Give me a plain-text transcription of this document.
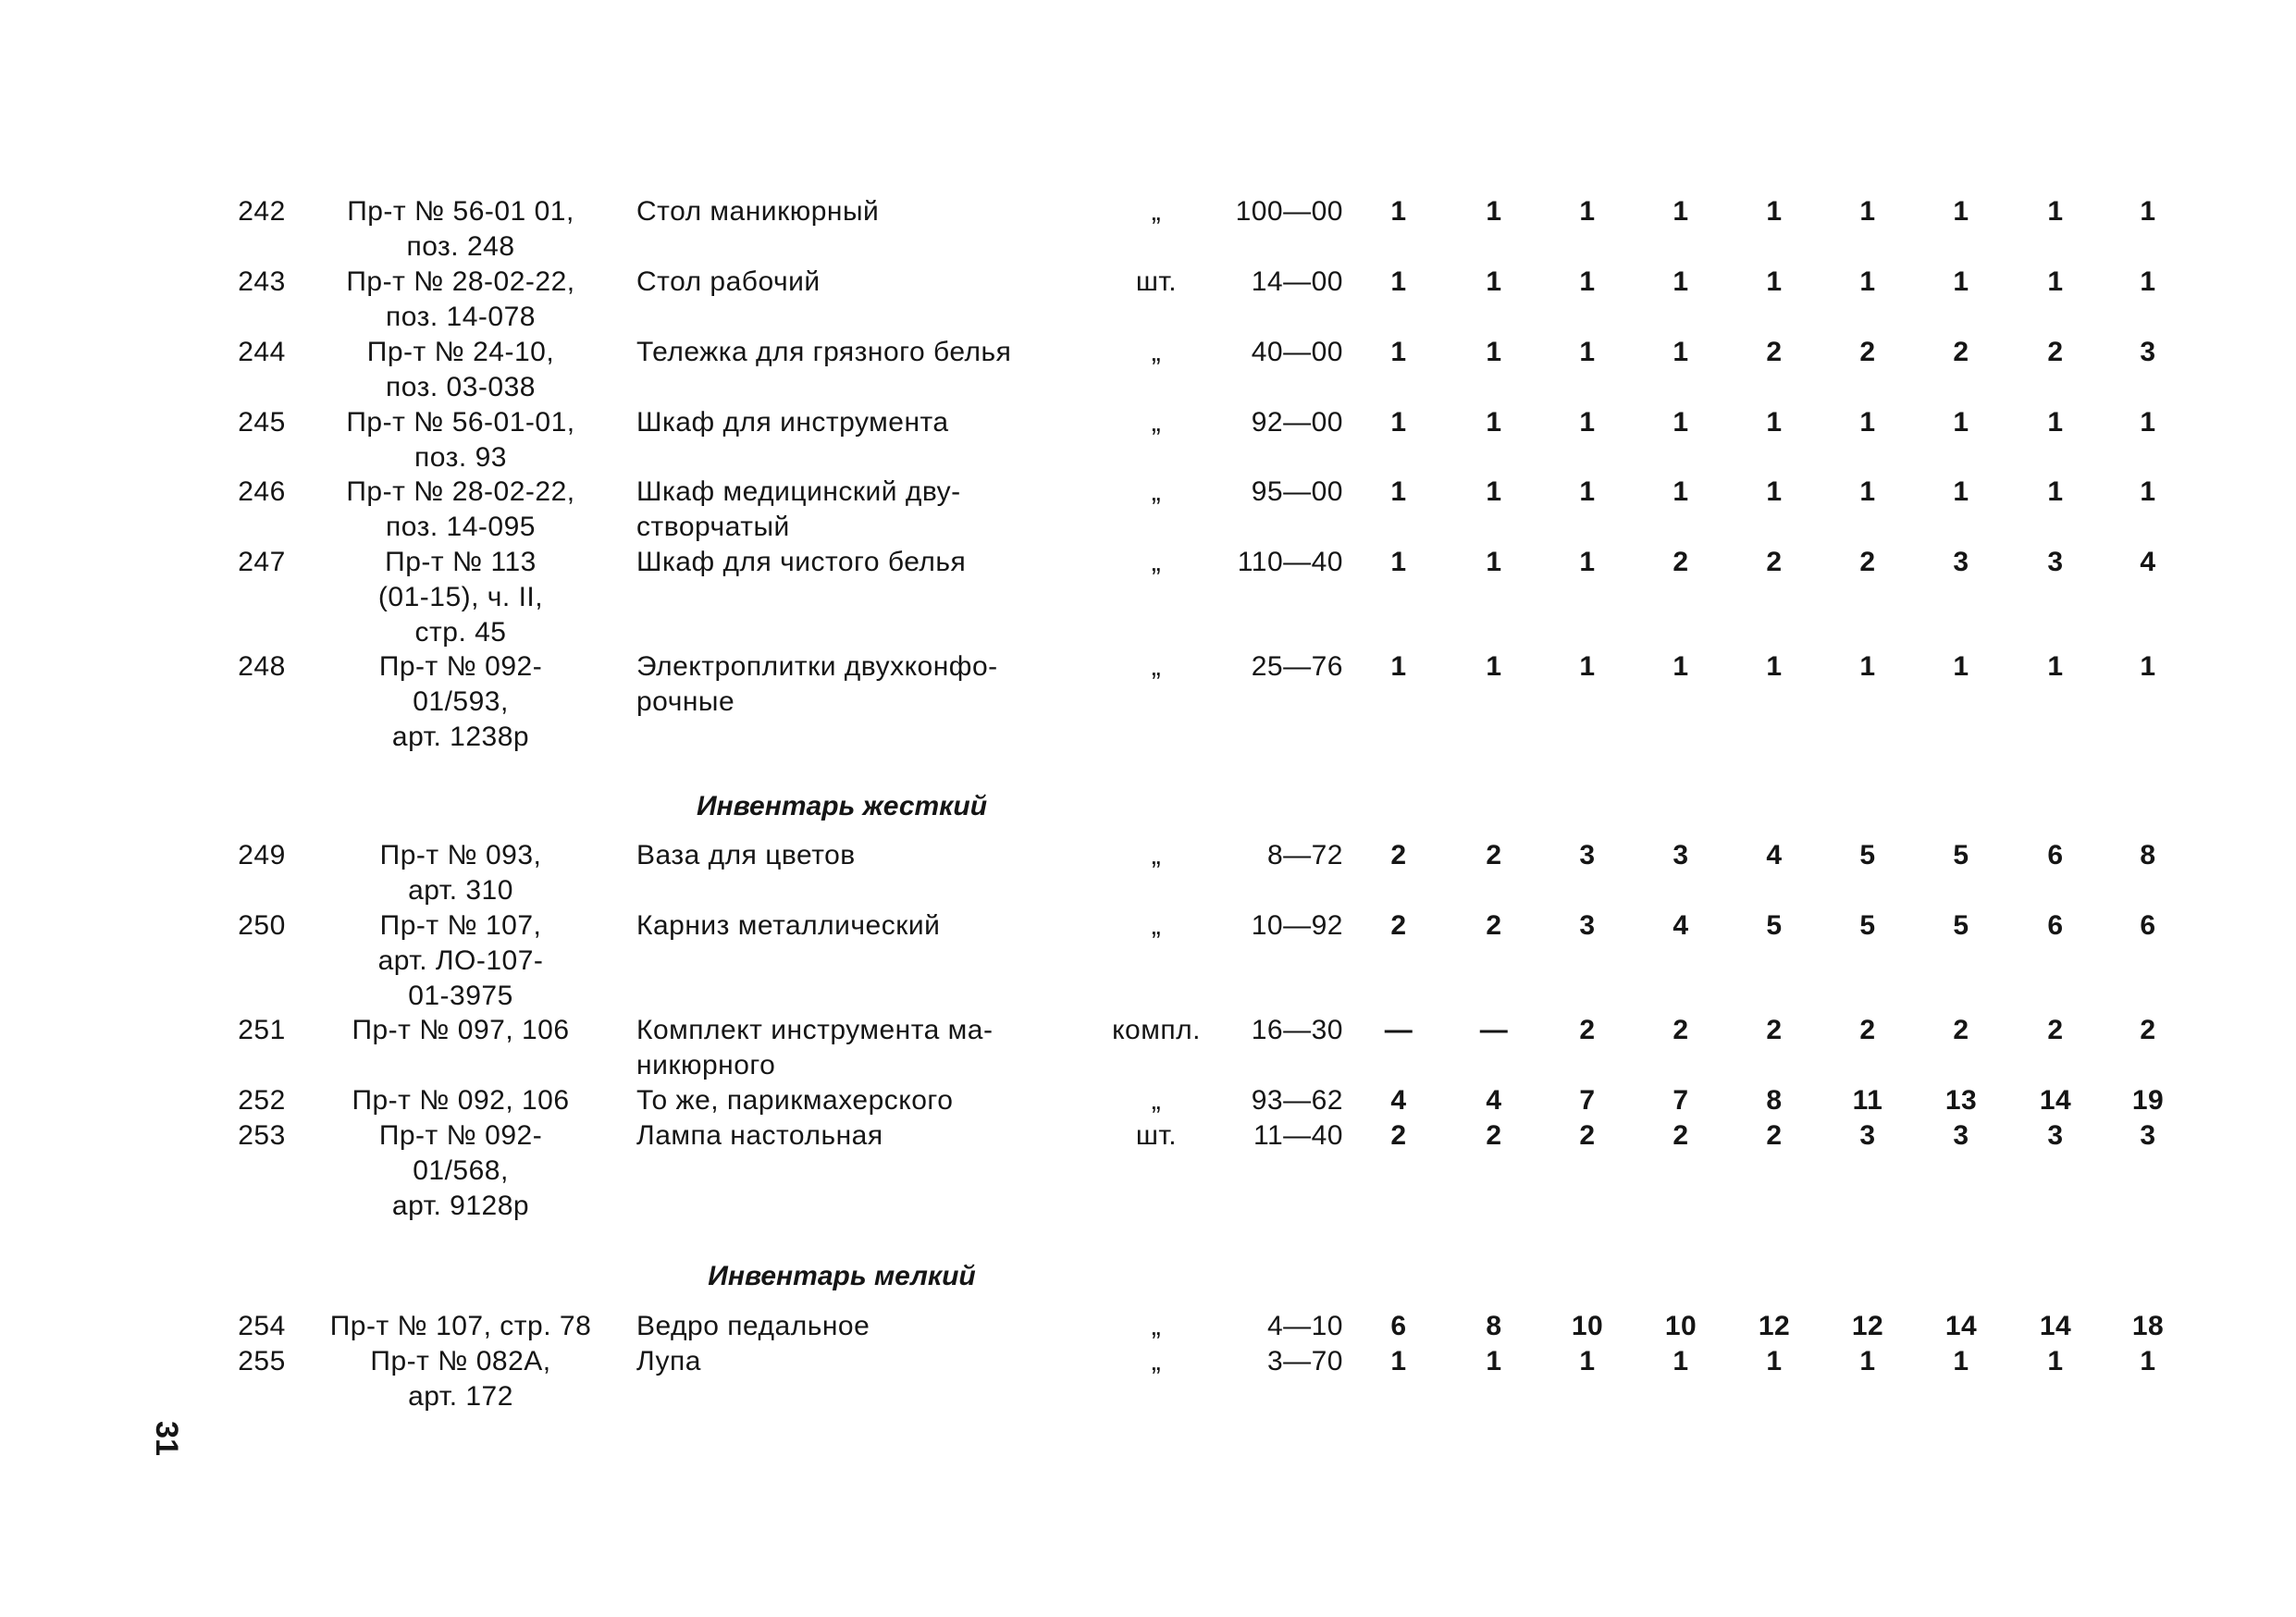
242	Пр-т № 56-01 01,
поз. 248
Стол маникюрный	„	100—00	1	1	1	1	1	1	1	1	1
243	Пр-т № 28-02-22,
поз. 14-078
Стол рабочий	шт.	14—00	1	1	1	1	1	1	1	1	1
244	Пр-т № 24-10,
поз. 03-038
Тележка для грязного белья	„	40—00	1	1	1	1	2	2	2	2	3
245	Пр-т № 56-01-01,
поз. 93
Шкаф для инструмента	„	92—00	1	1	1	1	1	1	1	1	1
246	Пр-т № 28-02-22,
поз. 14-095
Шкаф медицинский дву-
створчатый
„	95—00	1	1	1	1	1	1	1	1	1
247	Пр-т № 113
(01-15), ч. II,
стр. 45
Шкаф для чистого белья	„	110—40	1	1	1	2	2	2	3	3	4
248	Пр-т № 092-
01/593,
арт. 1238р
Электроплитки двухконфо-
рочные
„	25—76	1	1	1	1	1	1	1	1	1
Инвентарь жесткий
249	Пр-т № 093,
арт. 310
Ваза для цветов	„	8—72	2	2	3	3	4	5	5	6	8
250	Пр-т № 107,
арт. ЛО-107-
01-3975
Карниз металлический	„	10—92	2	2	3	4	5	5	5	6	6
251	Пр-т № 097, 106	Комплект инструмента ма-
никюрного
компл.	16—30	—	—	2	2	2	2	2	2	2
252	Пр-т № 092, 106	То же, парикмахерского	„	93—62	4	4	7	7	8	11	13	14	19
253	Пр-т № 092-
01/568,
арт. 9128р
Лампа настольная	шт.	11—40	2	2	2	2	2	3	3	3	3
Инвентарь мелкий
254	Пр-т № 107, стр. 78	Ведро педальное	„	4—10	6	8	10	10	12	12	14	14	18
255	Пр-т № 082А,
арт. 172
Лупа	„	3—70	1	1	1	1	1	1	1	1	1
31
